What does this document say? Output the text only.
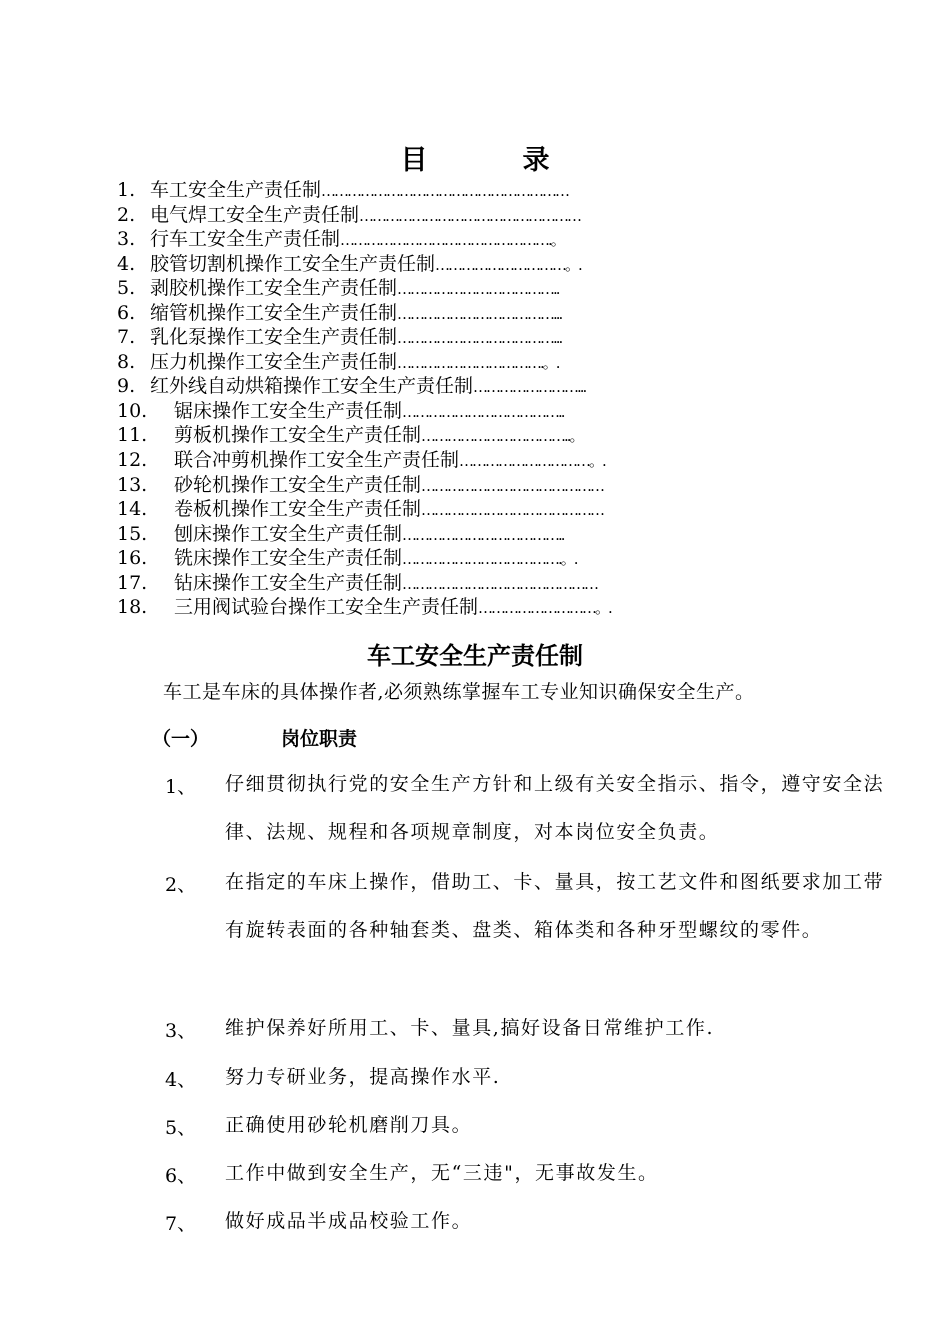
目　录
1. 车工安全生产责任制…………………………………………………
2. 电气焊工安全生产责任制……………………………………………
3. 行车工安全生产责任制………………………………………….。
4. 胶管切割机操作工安全生产责任制…………………………。.
5. 剥胶机操作工安全生产责任制………………………………..
6. 缩管机操作工安全生产责任制………………………………...
7. 乳化泵操作工安全生产责任制………………………………...
8. 压力机操作工安全生产责任制…………………………….。.
9. 红外线自动烘箱操作工安全生产责任制……………………...
10. 锯床操作工安全生产责任制………………………………..
11. 剪板机操作工安全生产责任制……………………………..。
12. 联合冲剪机操作工安全生产责任制…………………………。.
13. 砂轮机操作工安全生产责任制……………………………………
14. 卷板机操作工安全生产责任制……………………………………
15. 刨床操作工安全生产责任制………………………………..
16. 铣床操作工安全生产责任制……………………………….。.
17. 钻床操作工安全生产责任制………………………………………
18. 三用阀试验台操作工安全生产责任制………………………。.
车工安全生产责任制
车工是车床的具体操作者,必须熟练掌握车工专业知识确保安全生产。
（一）	岗位职责
1、	仔细贯彻执行党的安全生产方针和上级有关安全指示、指令，遵守安全法律、法规、规程和各项规章制度，对本岗位安全负责。
2、	在指定的车床上操作，借助工、卡、量具，按工艺文件和图纸要求加工带有旋转表面的各种轴套类、盘类、箱体类和各种牙型螺纹的零件。
3、	维护保养好所用工、卡、量具,搞好设备日常维护工作.
4、	努力专研业务，提高操作水平.
5、	正确使用砂轮机磨削刀具。
6、	工作中做到安全生产，无“三违"，无事故发生。
7、	做好成品半成品校验工作。
